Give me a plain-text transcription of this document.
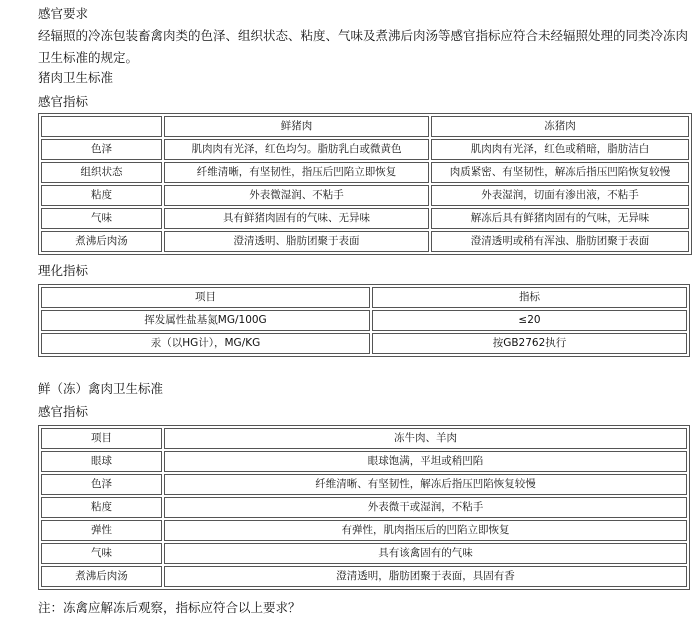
感官要求
经辐照的冷冻包装畜禽肉类的色泽、组织状态、粘度、气味及煮沸后肉汤等感官指标应符合未经辐照处理的同类冷冻肉卫生标准的规定。
猪肉卫生标准
感官指标
	鲜猪肉	冻猪肉
色泽	肌肉肉有光泽，红色均匀。脂肪乳白或微黄色	肌肉肉有光泽，红色或稍暗，脂肪洁白
组织状态	纤维清晰，有坚韧性，指压后凹陷立即恢复	肉质紧密、有坚韧性，解冻后指压凹陷恢复较慢
粘度	外表微湿润、不粘手	外表湿润，切面有渗出液，不粘手
气味	具有鲜猪肉固有的气味、无异味	解冻后具有鲜猪肉固有的气味，无异味
煮沸后肉汤	澄清透明、脂肪团聚于表面	澄清透明或稍有浑浊、脂肪团聚于表面
理化指标
项目	指标
挥发属性盐基氮MG/100G	≤20
汞（以HG计），MG/KG	按GB2762执行
鲜（冻）禽肉卫生标准
感官指标
项目	冻牛肉、羊肉
眼球	眼球饱满，平坦或稍凹陷
色泽	纤维清晰、有坚韧性，解冻后指压凹陷恢复较慢
粘度	外表微干或湿润，不粘手
弹性	有弹性，肌肉指压后的凹陷立即恢复
气味	具有该禽固有的气味
煮沸后肉汤	澄清透明，脂肪团聚于表面，具固有香
注：冻禽应解冻后观察，指标应符合以上要求？
